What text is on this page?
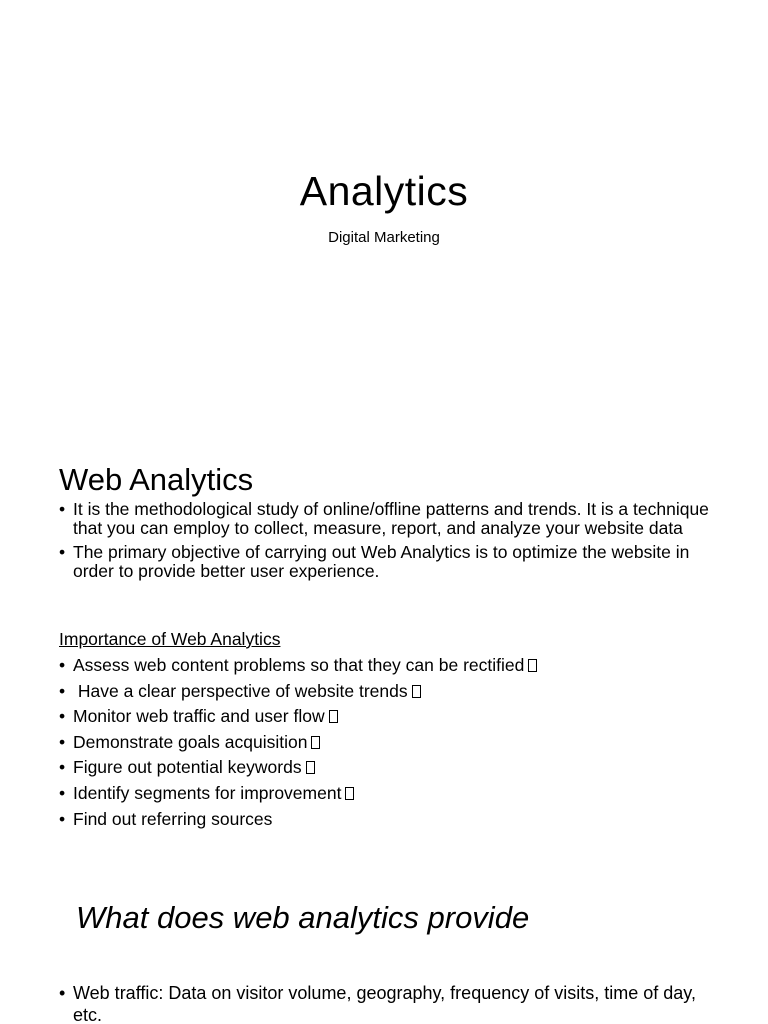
Analytics
Digital Marketing
Web Analytics
• It is the methodological study of online/offline patterns and trends. It is a technique that you can employ to collect, measure, report, and analyze your website data
• The primary objective of carrying out Web Analytics is to optimize the website in order to provide better user experience.
Importance of Web Analytics
• Assess web content problems so that they can be rectified
•  Have a clear perspective of website trends
• Monitor web traffic and user flow
• Demonstrate goals acquisition
• Figure out potential keywords
• Identify segments for improvement
• Find out referring sources
What does web analytics provide
• Web traffic: Data on visitor volume, geography, frequency of visits, time of day, etc.
